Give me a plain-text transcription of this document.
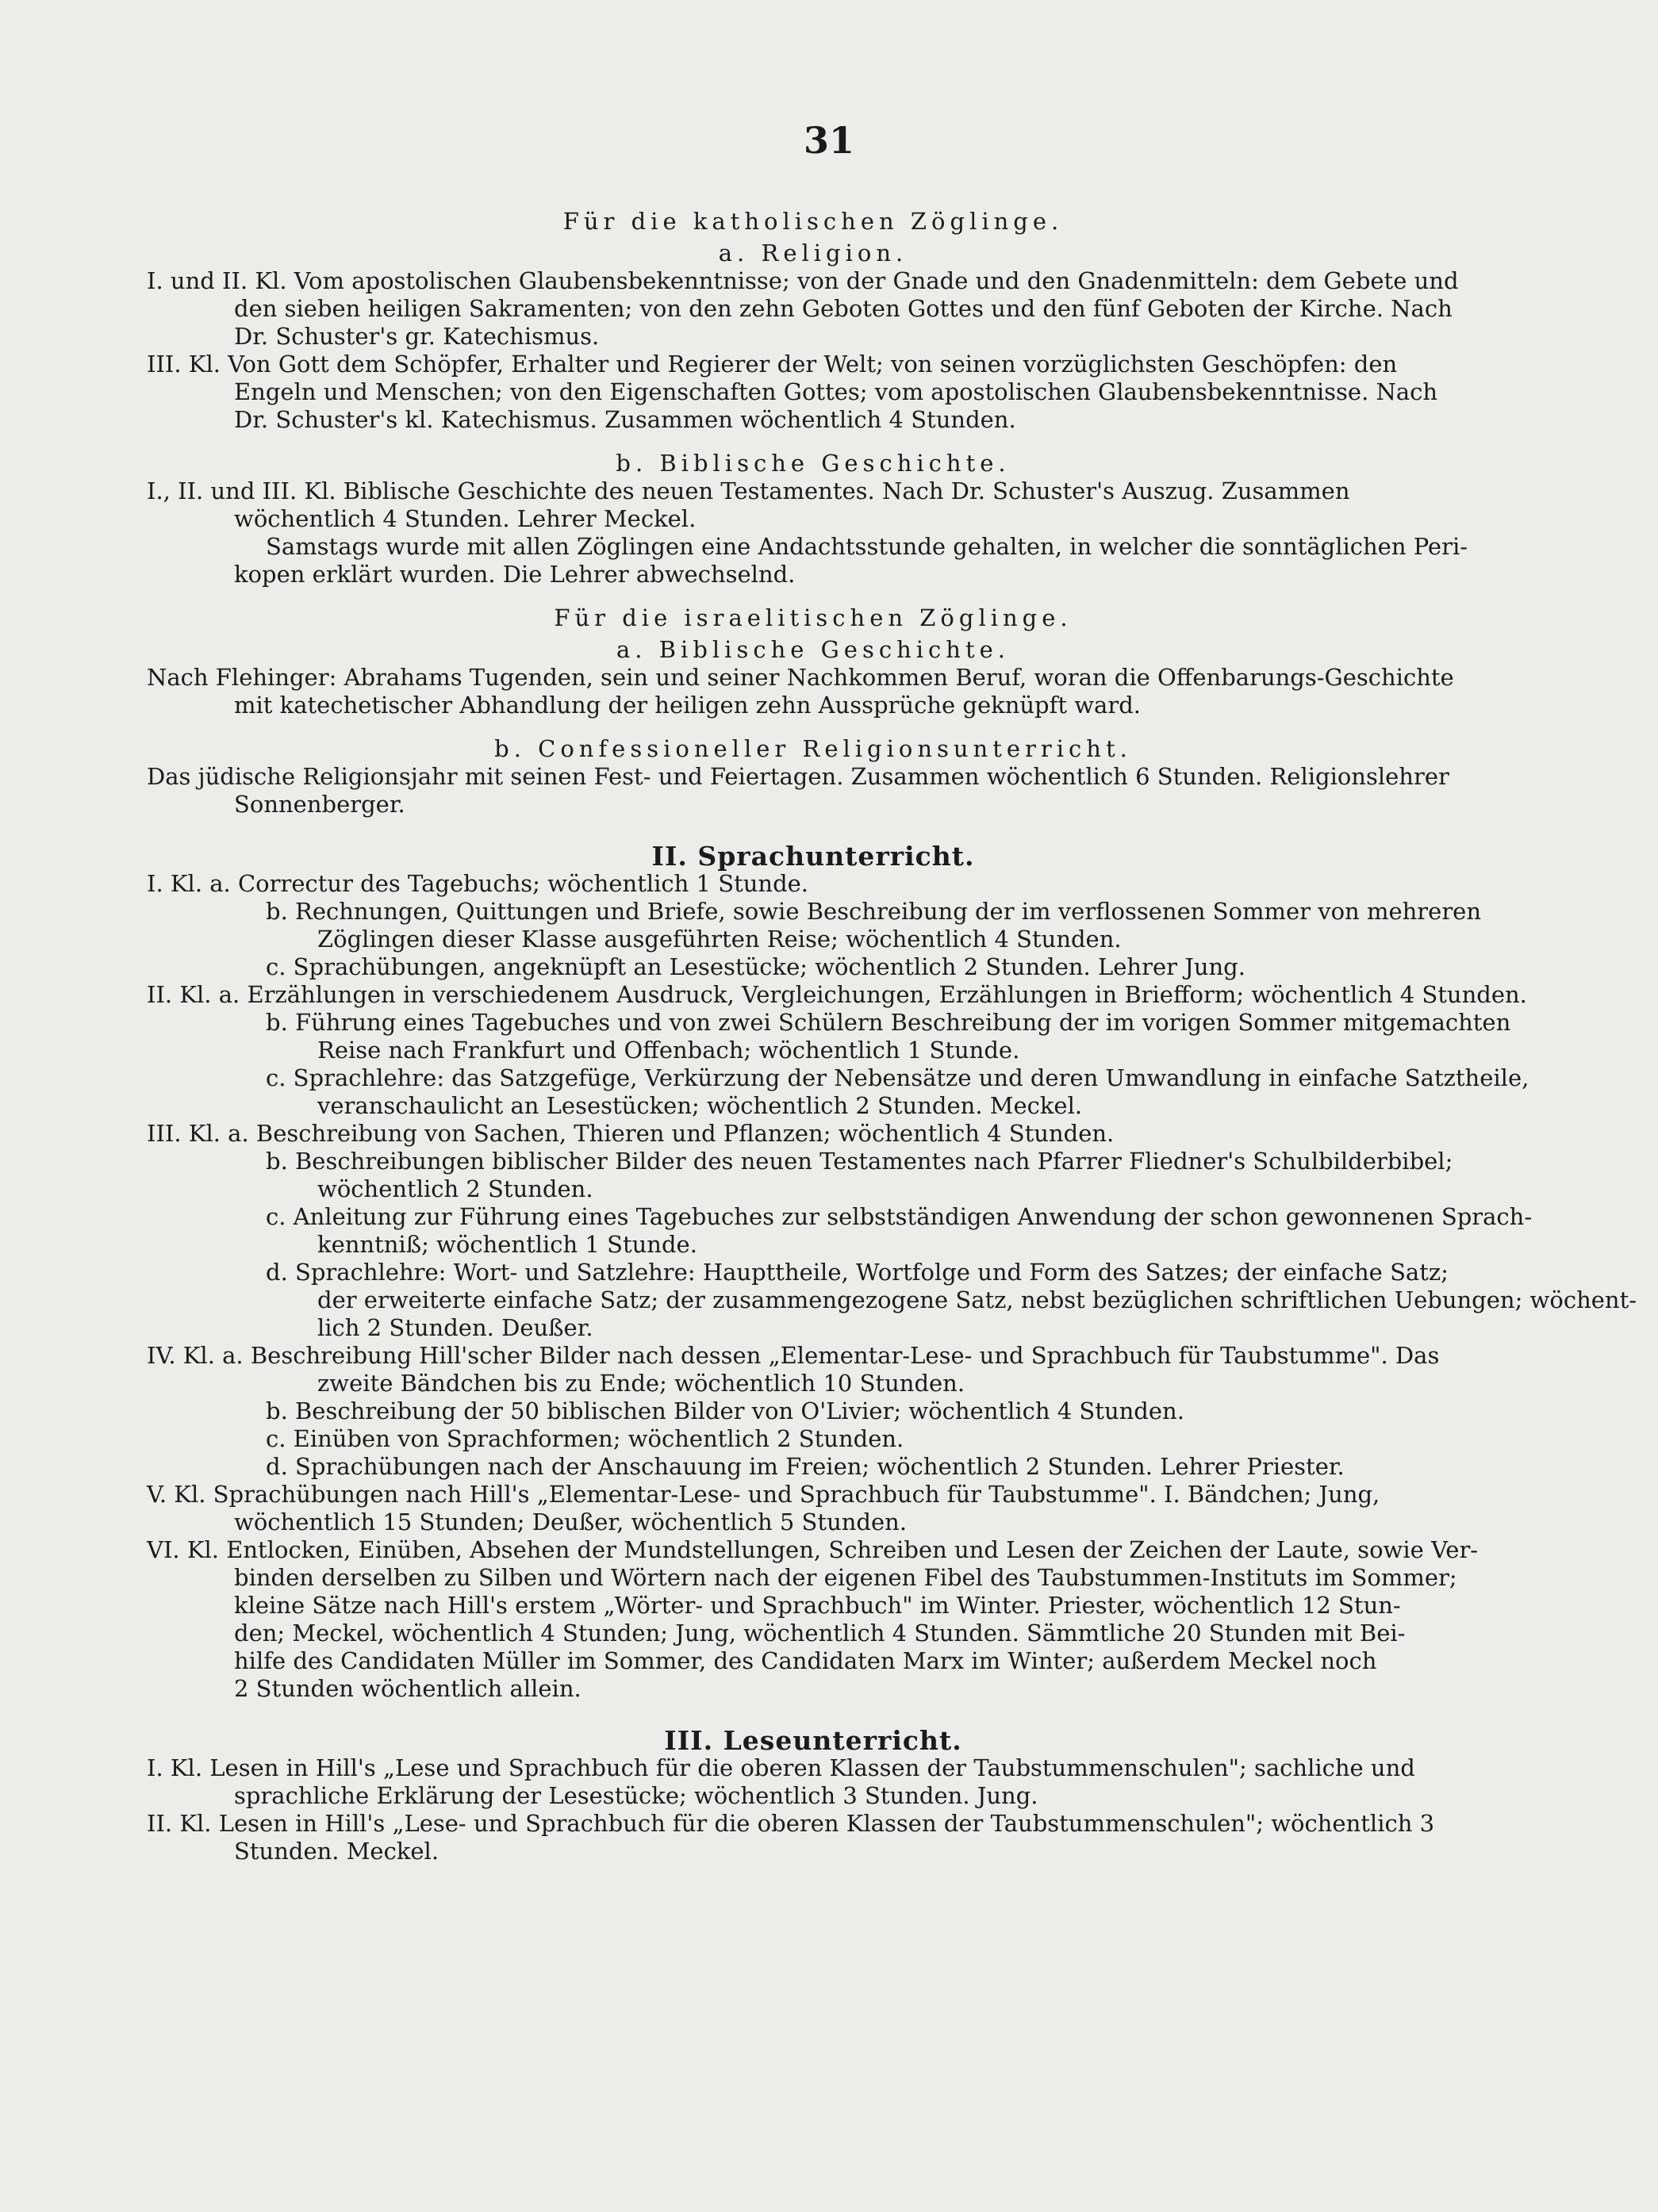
31
Für die katholischen Zöglinge.
a. Religion.
I. und II. Kl. Vom apostolischen Glaubensbekenntnisse; von der Gnade und den Gnadenmitteln: dem Gebete und
den sieben heiligen Sakramenten; von den zehn Geboten Gottes und den fünf Geboten der Kirche. Nach
Dr. Schuster's gr. Katechismus.
III. Kl. Von Gott dem Schöpfer, Erhalter und Regierer der Welt; von seinen vorzüglichsten Geschöpfen: den
Engeln und Menschen; von den Eigenschaften Gottes; vom apostolischen Glaubensbekenntnisse. Nach
Dr. Schuster's kl. Katechismus. Zusammen wöchentlich 4 Stunden.
b. Biblische Geschichte.
I., II. und III. Kl. Biblische Geschichte des neuen Testamentes. Nach Dr. Schuster's Auszug. Zusammen
wöchentlich 4 Stunden. Lehrer Meckel.
Samstags wurde mit allen Zöglingen eine Andachtsstunde gehalten, in welcher die sonntäglichen Peri-
kopen erklärt wurden. Die Lehrer abwechselnd.
Für die israelitischen Zöglinge.
a. Biblische Geschichte.
Nach Flehinger: Abrahams Tugenden, sein und seiner Nachkommen Beruf, woran die Offenbarungs-Geschichte
mit katechetischer Abhandlung der heiligen zehn Aussprüche geknüpft ward.
b. Confessioneller Religionsunterricht.
Das jüdische Religionsjahr mit seinen Fest- und Feiertagen. Zusammen wöchentlich 6 Stunden. Religionslehrer
Sonnenberger.
II. Sprachunterricht.
I. Kl. a. Correctur des Tagebuchs; wöchentlich 1 Stunde.
b. Rechnungen, Quittungen und Briefe, sowie Beschreibung der im verflossenen Sommer von mehreren
Zöglingen dieser Klasse ausgeführten Reise; wöchentlich 4 Stunden.
c. Sprachübungen, angeknüpft an Lesestücke; wöchentlich 2 Stunden. Lehrer Jung.
II. Kl. a. Erzählungen in verschiedenem Ausdruck, Vergleichungen, Erzählungen in Briefform; wöchentlich 4 Stunden.
b. Führung eines Tagebuches und von zwei Schülern Beschreibung der im vorigen Sommer mitgemachten
Reise nach Frankfurt und Offenbach; wöchentlich 1 Stunde.
c. Sprachlehre: das Satzgefüge, Verkürzung der Nebensätze und deren Umwandlung in einfache Satztheile,
veranschaulicht an Lesestücken; wöchentlich 2 Stunden. Meckel.
III. Kl. a. Beschreibung von Sachen, Thieren und Pflanzen; wöchentlich 4 Stunden.
b. Beschreibungen biblischer Bilder des neuen Testamentes nach Pfarrer Fliedner's Schulbilderbibel;
wöchentlich 2 Stunden.
c. Anleitung zur Führung eines Tagebuches zur selbstständigen Anwendung der schon gewonnenen Sprach-
kenntniß; wöchentlich 1 Stunde.
d. Sprachlehre: Wort- und Satzlehre: Haupttheile, Wortfolge und Form des Satzes; der einfache Satz;
der erweiterte einfache Satz; der zusammengezogene Satz, nebst bezüglichen schriftlichen Uebungen; wöchent-
lich 2 Stunden. Deußer.
IV. Kl. a. Beschreibung Hill'scher Bilder nach dessen „Elementar-Lese- und Sprachbuch für Taubstumme". Das
zweite Bändchen bis zu Ende; wöchentlich 10 Stunden.
b. Beschreibung der 50 biblischen Bilder von O'Livier; wöchentlich 4 Stunden.
c. Einüben von Sprachformen; wöchentlich 2 Stunden.
d. Sprachübungen nach der Anschauung im Freien; wöchentlich 2 Stunden. Lehrer Priester.
V. Kl. Sprachübungen nach Hill's „Elementar-Lese- und Sprachbuch für Taubstumme". I. Bändchen; Jung,
wöchentlich 15 Stunden; Deußer, wöchentlich 5 Stunden.
VI. Kl. Entlocken, Einüben, Absehen der Mundstellungen, Schreiben und Lesen der Zeichen der Laute, sowie Ver-
binden derselben zu Silben und Wörtern nach der eigenen Fibel des Taubstummen-Instituts im Sommer;
kleine Sätze nach Hill's erstem „Wörter- und Sprachbuch" im Winter. Priester, wöchentlich 12 Stun-
den; Meckel, wöchentlich 4 Stunden; Jung, wöchentlich 4 Stunden. Sämmtliche 20 Stunden mit Bei-
hilfe des Candidaten Müller im Sommer, des Candidaten Marx im Winter; außerdem Meckel noch
2 Stunden wöchentlich allein.
III. Leseunterricht.
I. Kl. Lesen in Hill's „Lese und Sprachbuch für die oberen Klassen der Taubstummenschulen"; sachliche und
sprachliche Erklärung der Lesestücke; wöchentlich 3 Stunden. Jung.
II. Kl. Lesen in Hill's „Lese- und Sprachbuch für die oberen Klassen der Taubstummenschulen"; wöchentlich 3
Stunden. Meckel.
